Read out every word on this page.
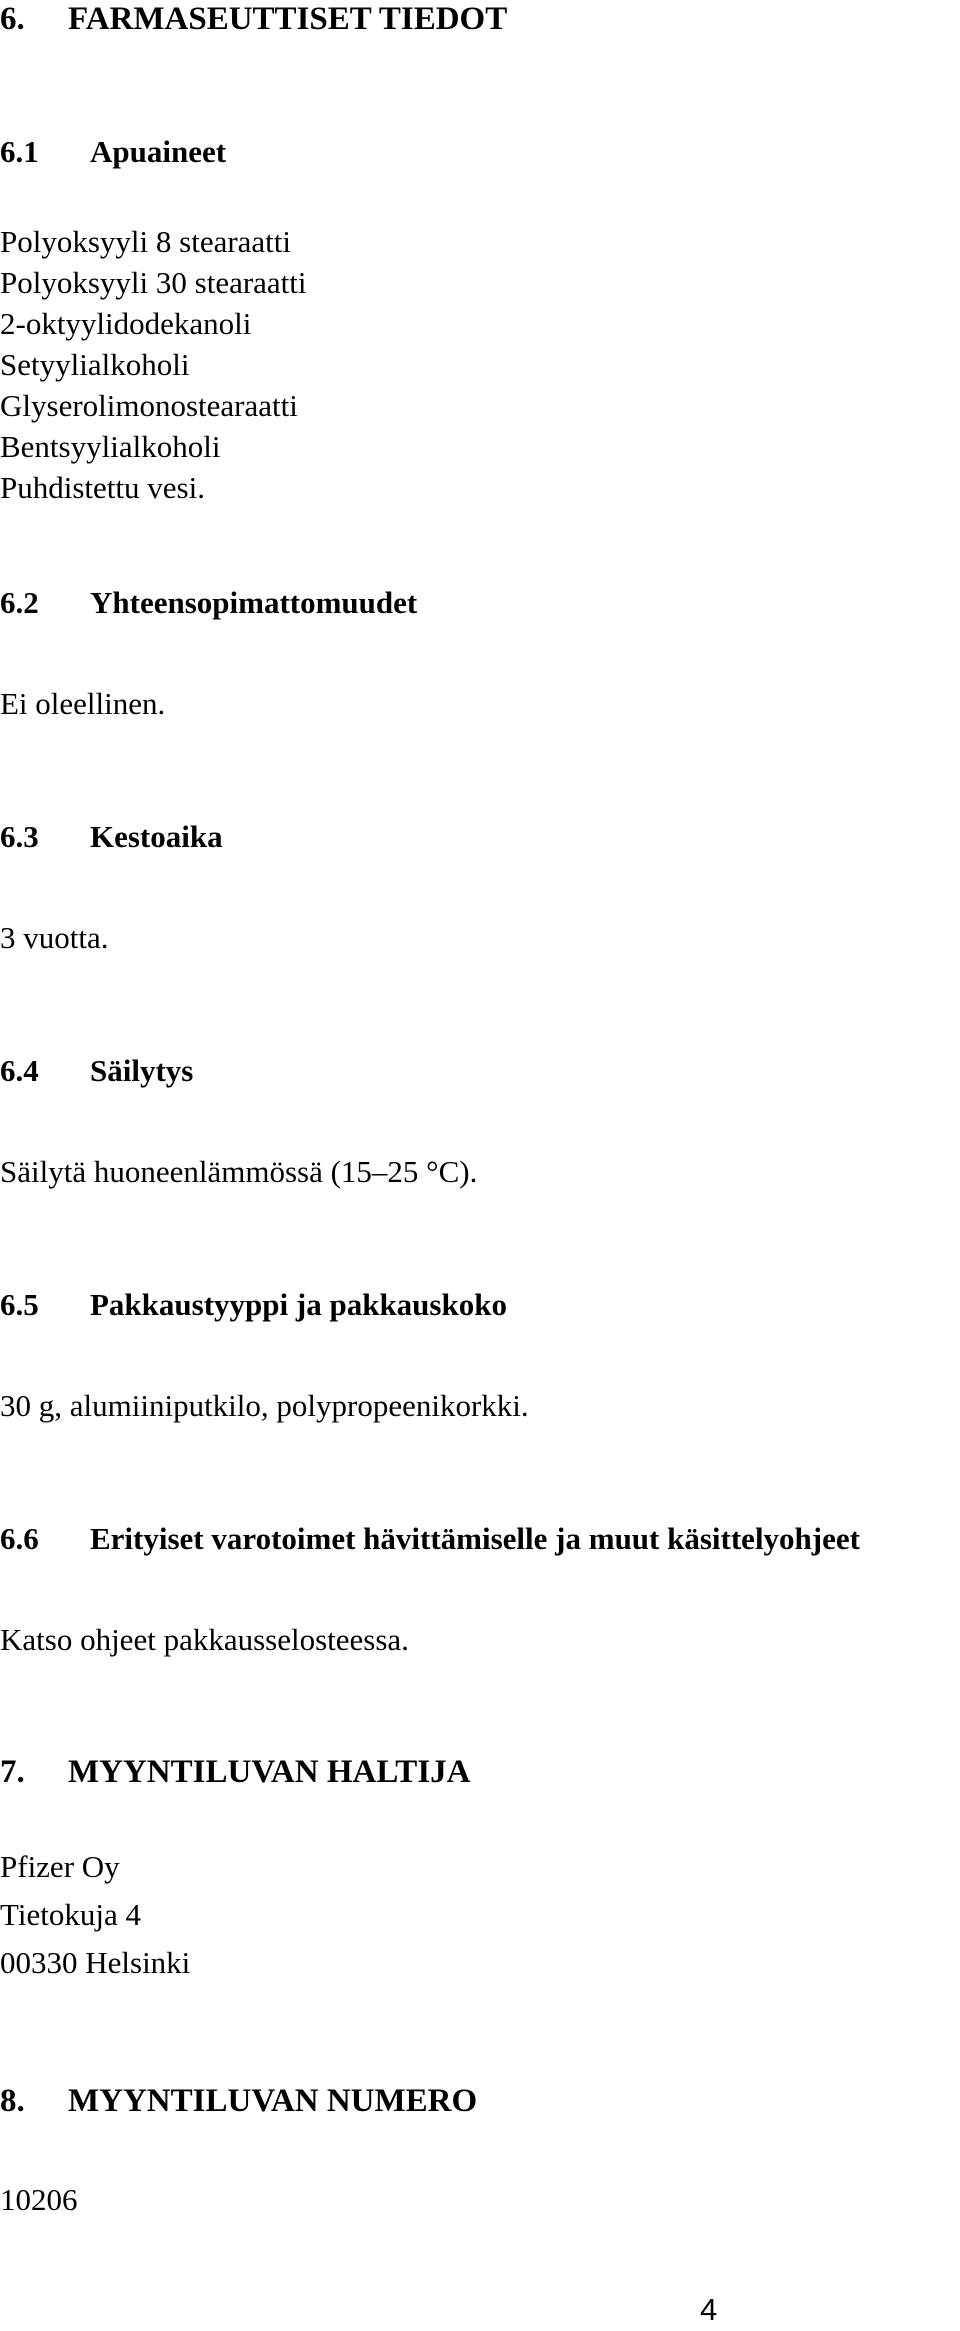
6. FARMASEUTTISET TIEDOT
6.1 Apuaineet
Polyoksyyli 8 stearaatti
Polyoksyyli 30 stearaatti
2-oktyylidodekanoli
Setyylialkoholi
Glyserolimonostearaatti
Bentsyylialkoholi
Puhdistettu vesi.
6.2 Yhteensopimattomuudet
Ei oleellinen.
6.3 Kestoaika
3 vuotta.
6.4 Säilytys
Säilytä huoneenlämmössä (15–25 °C).
6.5 Pakkaustyyppi ja pakkauskoko
30 g, alumiiniputkilo, polypropeenikorkki.
6.6 Erityiset varotoimet hävittämiselle ja muut käsittelyohjeet
Katso ohjeet pakkausselosteessa.
7. MYYNTILUVAN HALTIJA
Pfizer Oy
Tietokuja 4
00330 Helsinki
8. MYYNTILUVAN NUMERO
10206
4
